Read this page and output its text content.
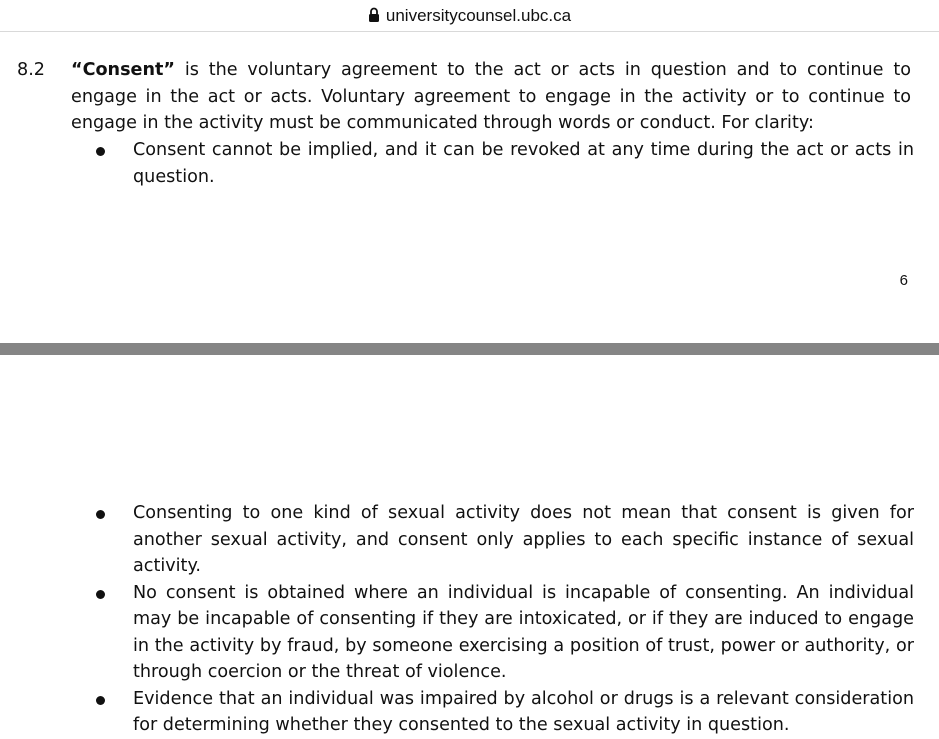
universitycounsel.ubc.ca
8.2 “Consent” is the voluntary agreement to the act or acts in question and to continue to engage in the act or acts. Voluntary agreement to engage in the activity or to continue to engage in the activity must be communicated through words or conduct. For clarity:
Consent cannot be implied, and it can be revoked at any time during the act or acts in question.
6
Consenting to one kind of sexual activity does not mean that consent is given for another sexual activity, and consent only applies to each specific instance of sexual activity.
No consent is obtained where an individual is incapable of consenting. An individual may be incapable of consenting if they are intoxicated, or if they are induced to engage in the activity by fraud, by someone exercising a position of trust, power or authority, or through coercion or the threat of violence.
Evidence that an individual was impaired by alcohol or drugs is a relevant consideration for determining whether they consented to the sexual activity in question.
